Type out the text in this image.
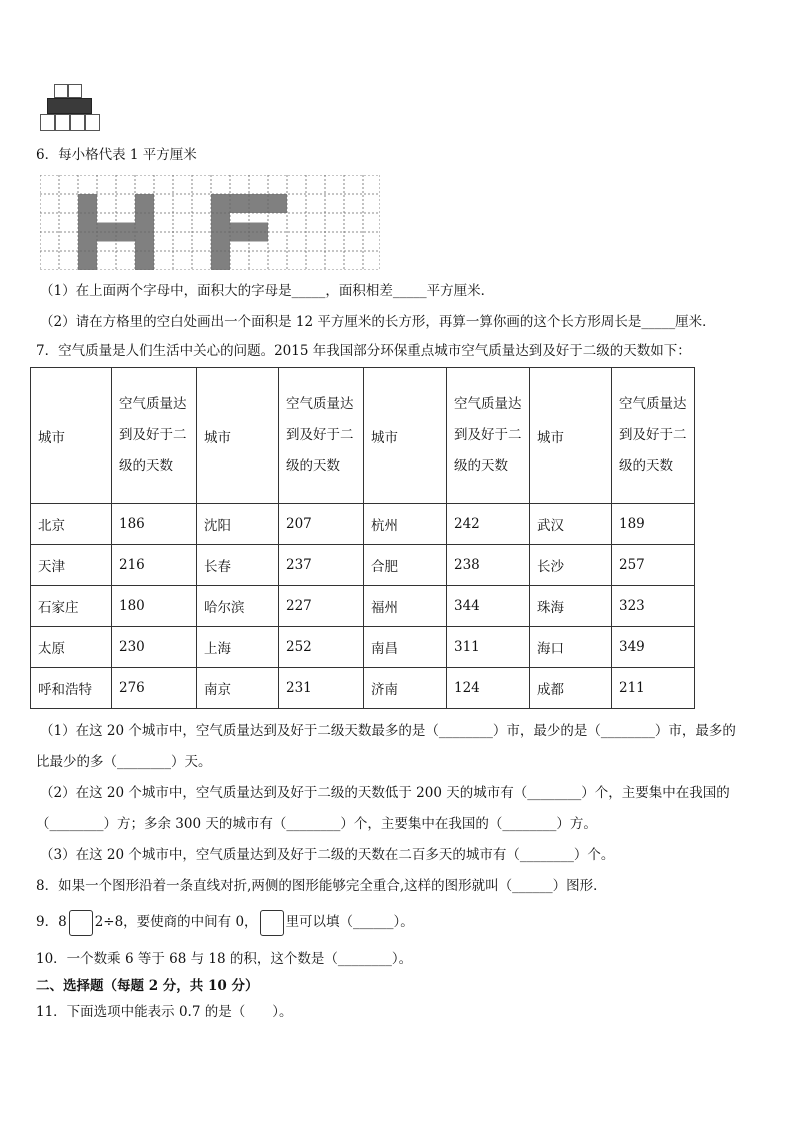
6．每小格代表 1 平方厘米
（1）在上面两个字母中，面积大的字母是_____，面积相差_____平方厘米．
（2）请在方格里的空白处画出一个面积是 12 平方厘米的长方形，再算一算你画的这个长方形周长是_____厘米．
7．空气质量是人们生活中关心的问题。2015 年我国部分环保重点城市空气质量达到及好于二级的天数如下：
城市	空气质量达到及好于二级的天数	城市	空气质量达到及好于二级的天数	城市	空气质量达到及好于二级的天数	城市	空气质量达到及好于二级的天数

北京	186	沈阳	207	杭州	242	武汉	189
天津	216	长春	237	合肥	238	长沙	257
石家庄	180	哈尔滨	227	福州	344	珠海	323
太原	230	上海	252	南昌	311	海口	349
呼和浩特	276	南京	231	济南	124	成都	211
（1）在这 20 个城市中，空气质量达到及好于二级天数最多的是（________）市，最少的是（________）市，最多的
比最少的多（________）天。
（2）在这 20 个城市中，空气质量达到及好于二级的天数低于 200 天的城市有（________）个，主要集中在我国的
（________）方；多余 300 天的城市有（________）个，主要集中在我国的（________）方。
（3）在这 20 个城市中，空气质量达到及好于二级的天数在二百多天的城市有（________）个。
8．如果一个图形沿着一条直线对折,两侧的图形能够完全重合,这样的图形就叫（______）图形．
9．8 2÷8，要使商的中间有 0， 里可以填（______）。
10．一个数乘 6 等于 68 与 18 的积，这个数是（________）。
二、选择题（每题 2 分，共 10 分）
11．下面选项中能表示 0.7 的是（　　）。
